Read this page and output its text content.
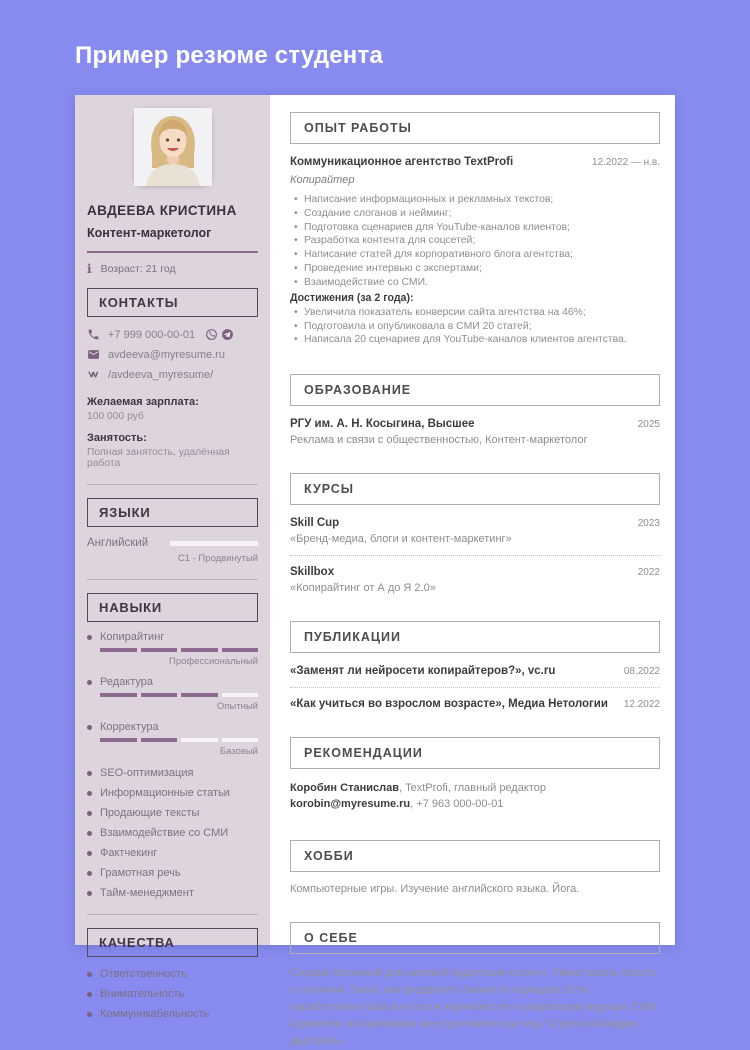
Пример резюме студента
АВДЕЕВА КРИСТИНА
Контент-маркетолог
i Возраст: 21 год
КОНТАКТЫ
+7 999 000-00-01
avdeeva@myresume.ru
/avdeeva_myresume/
Желаемая зарплата:
100 000 руб
Занятость:
Полная занятость, удалённая работа
ЯЗЫКИ
Английский
C1 - Продвинутый
НАВЫКИ
Копирайтинг
Профессиональный
Редактура
Опытный
Корректура
Базовый
SEO-оптимизация
Информационные статьи
Продающие тексты
Взаимодействие со СМИ
Фактчекинг
Грамотная речь
Тайм-менеджмент
КАЧЕСТВА
Ответственность
Внимательность
Коммуникабельность
ОПЫТ РАБОТЫ
Коммуникационное агентство TextProfi	12.2022 — н.в.
Копирайтер
• Написание информационных и рекламных текстов;
• Создание слоганов и нейминг;
• Подготовка сценариев для YouTube-каналов клиентов;
• Разработка контента для соцсетей;
• Написание статей для корпоративного блога агентства;
• Проведение интервью с экспертами;
• Взаимодействие со СМИ.
Достижения (за 2 года):
• Увеличила показатель конверсии сайта агентства на 46%;
• Подготовила и опубликовала в СМИ 20 статей;
• Написала 20 сценариев для YouTube-каналов клиентов агентства.
ОБРАЗОВАНИЕ
РГУ им. А. Н. Косыгина, Высшее	2025
Реклама и связи с общественностью, Контент-маркетолог
КУРСЫ
Skill Cup	2023
«Бренд-медиа, блоги и контент-маркетинг»
Skillbox	2022
«Копирайтинг от А до Я 2.0»
ПУБЛИКАЦИИ
«Заменят ли нейросети копирайтеров?», vc.ru	08.2022
«Как учиться во взрослом возрасте», Медиа Нетологии 12.2022
РЕКОМЕНДАЦИИ
Коробин Станислав, TextProfi, главный редактор
korobin@myresume.ru, +7 963 000-00-01
ХОББИ
Компьютерные игры. Изучение английского языка. Йога.
О СЕБЕ
Создаю полезный для целевой аудитории контент. Умею писать просто о сложном. Знаю, как продвигать бизнес в соцмедиа. Есть наработанная база контактов журналистов и редакторов ведущих СМИ. Адекватно воспринимаю конструктивную критику. Строго соблюдаю дедлайны.
